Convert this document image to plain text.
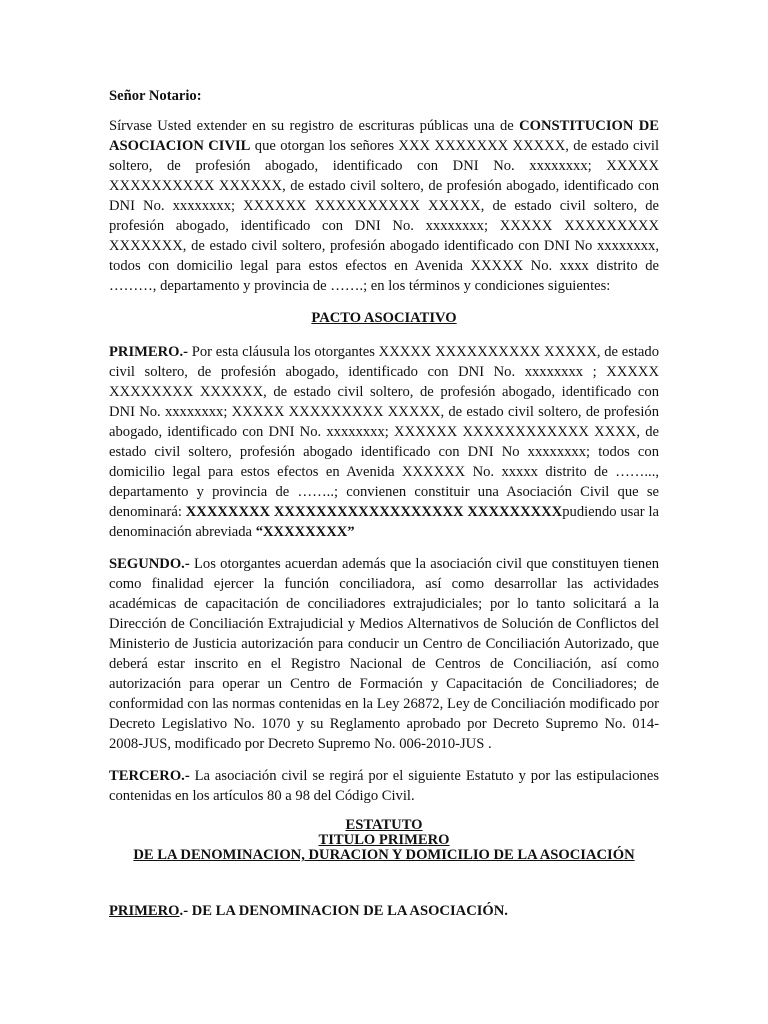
Señor Notario:

Sírvase Usted extender en su registro de escrituras públicas una de CONSTITUCION DE ASOCIACION CIVIL que otorgan los señores XXX XXXXXXX XXXXX, de estado civil soltero, de profesión abogado, identificado con DNI No. xxxxxxxx; XXXXX XXXXXXXXXX XXXXXX, de estado civil soltero, de profesión abogado, identificado con DNI No. xxxxxxxx; XXXXXX XXXXXXXXXX XXXXX, de estado civil soltero, de profesión abogado, identificado con DNI No. xxxxxxxx; XXXXX XXXXXXXXX XXXXXXX, de estado civil soltero, profesión abogado identificado con DNI No xxxxxxxx, todos con domicilio legal para estos efectos en Avenida XXXXX No. xxxx distrito de ………, departamento y provincia de …….; en los términos y condiciones siguientes:

PACTO ASOCIATIVO

PRIMERO.- Por esta cláusula los otorgantes XXXXX XXXXXXXXXX XXXXX, de estado civil soltero, de profesión abogado, identificado con DNI No. xxxxxxxx ; XXXXX XXXXXXXX XXXXXX, de estado civil soltero, de profesión abogado, identificado con DNI No. xxxxxxxx; XXXXX XXXXXXXXX XXXXX, de estado civil soltero, de profesión abogado, identificado con DNI No. xxxxxxxx; XXXXXX XXXXXXXXXXXX XXXX, de estado civil soltero, profesión abogado identificado con DNI No xxxxxxxx; todos con domicilio legal para estos efectos en Avenida XXXXXX No. xxxxx distrito de ……..., departamento y provincia de ……..; convienen constituir una Asociación Civil que se denominará: XXXXXXXX XXXXXXXXXXXXXXXXXX XXXXXXXXXpudiendo usar la denominación abreviada “XXXXXXXX”

SEGUNDO.- Los otorgantes acuerdan además que la asociación civil que constituyen tienen como finalidad ejercer la función conciliadora, así como desarrollar las actividades académicas de capacitación de conciliadores extrajudiciales; por lo tanto solicitará a la Dirección de Conciliación Extrajudicial y Medios Alternativos de Solución de Conflictos del Ministerio de Justicia autorización para conducir un Centro de Conciliación Autorizado, que deberá estar inscrito en el Registro Nacional de Centros de Conciliación, así como autorización para operar un Centro de Formación y Capacitación de Conciliadores; de conformidad con las normas contenidas en la Ley 26872, Ley de Conciliación modificado por Decreto Legislativo No. 1070 y su Reglamento aprobado por Decreto Supremo No. 014-2008-JUS, modificado por Decreto Supremo No. 006-2010-JUS .

TERCERO.- La asociación civil se regirá por el siguiente Estatuto y por las estipulaciones contenidas en los artículos 80 a 98 del Código Civil.

ESTATUTO
TITULO PRIMERO
DE LA DENOMINACION, DURACION Y DOMICILIO DE LA ASOCIACIÓN
PRIMERO.- DE LA DENOMINACION DE LA ASOCIACIÓN.
